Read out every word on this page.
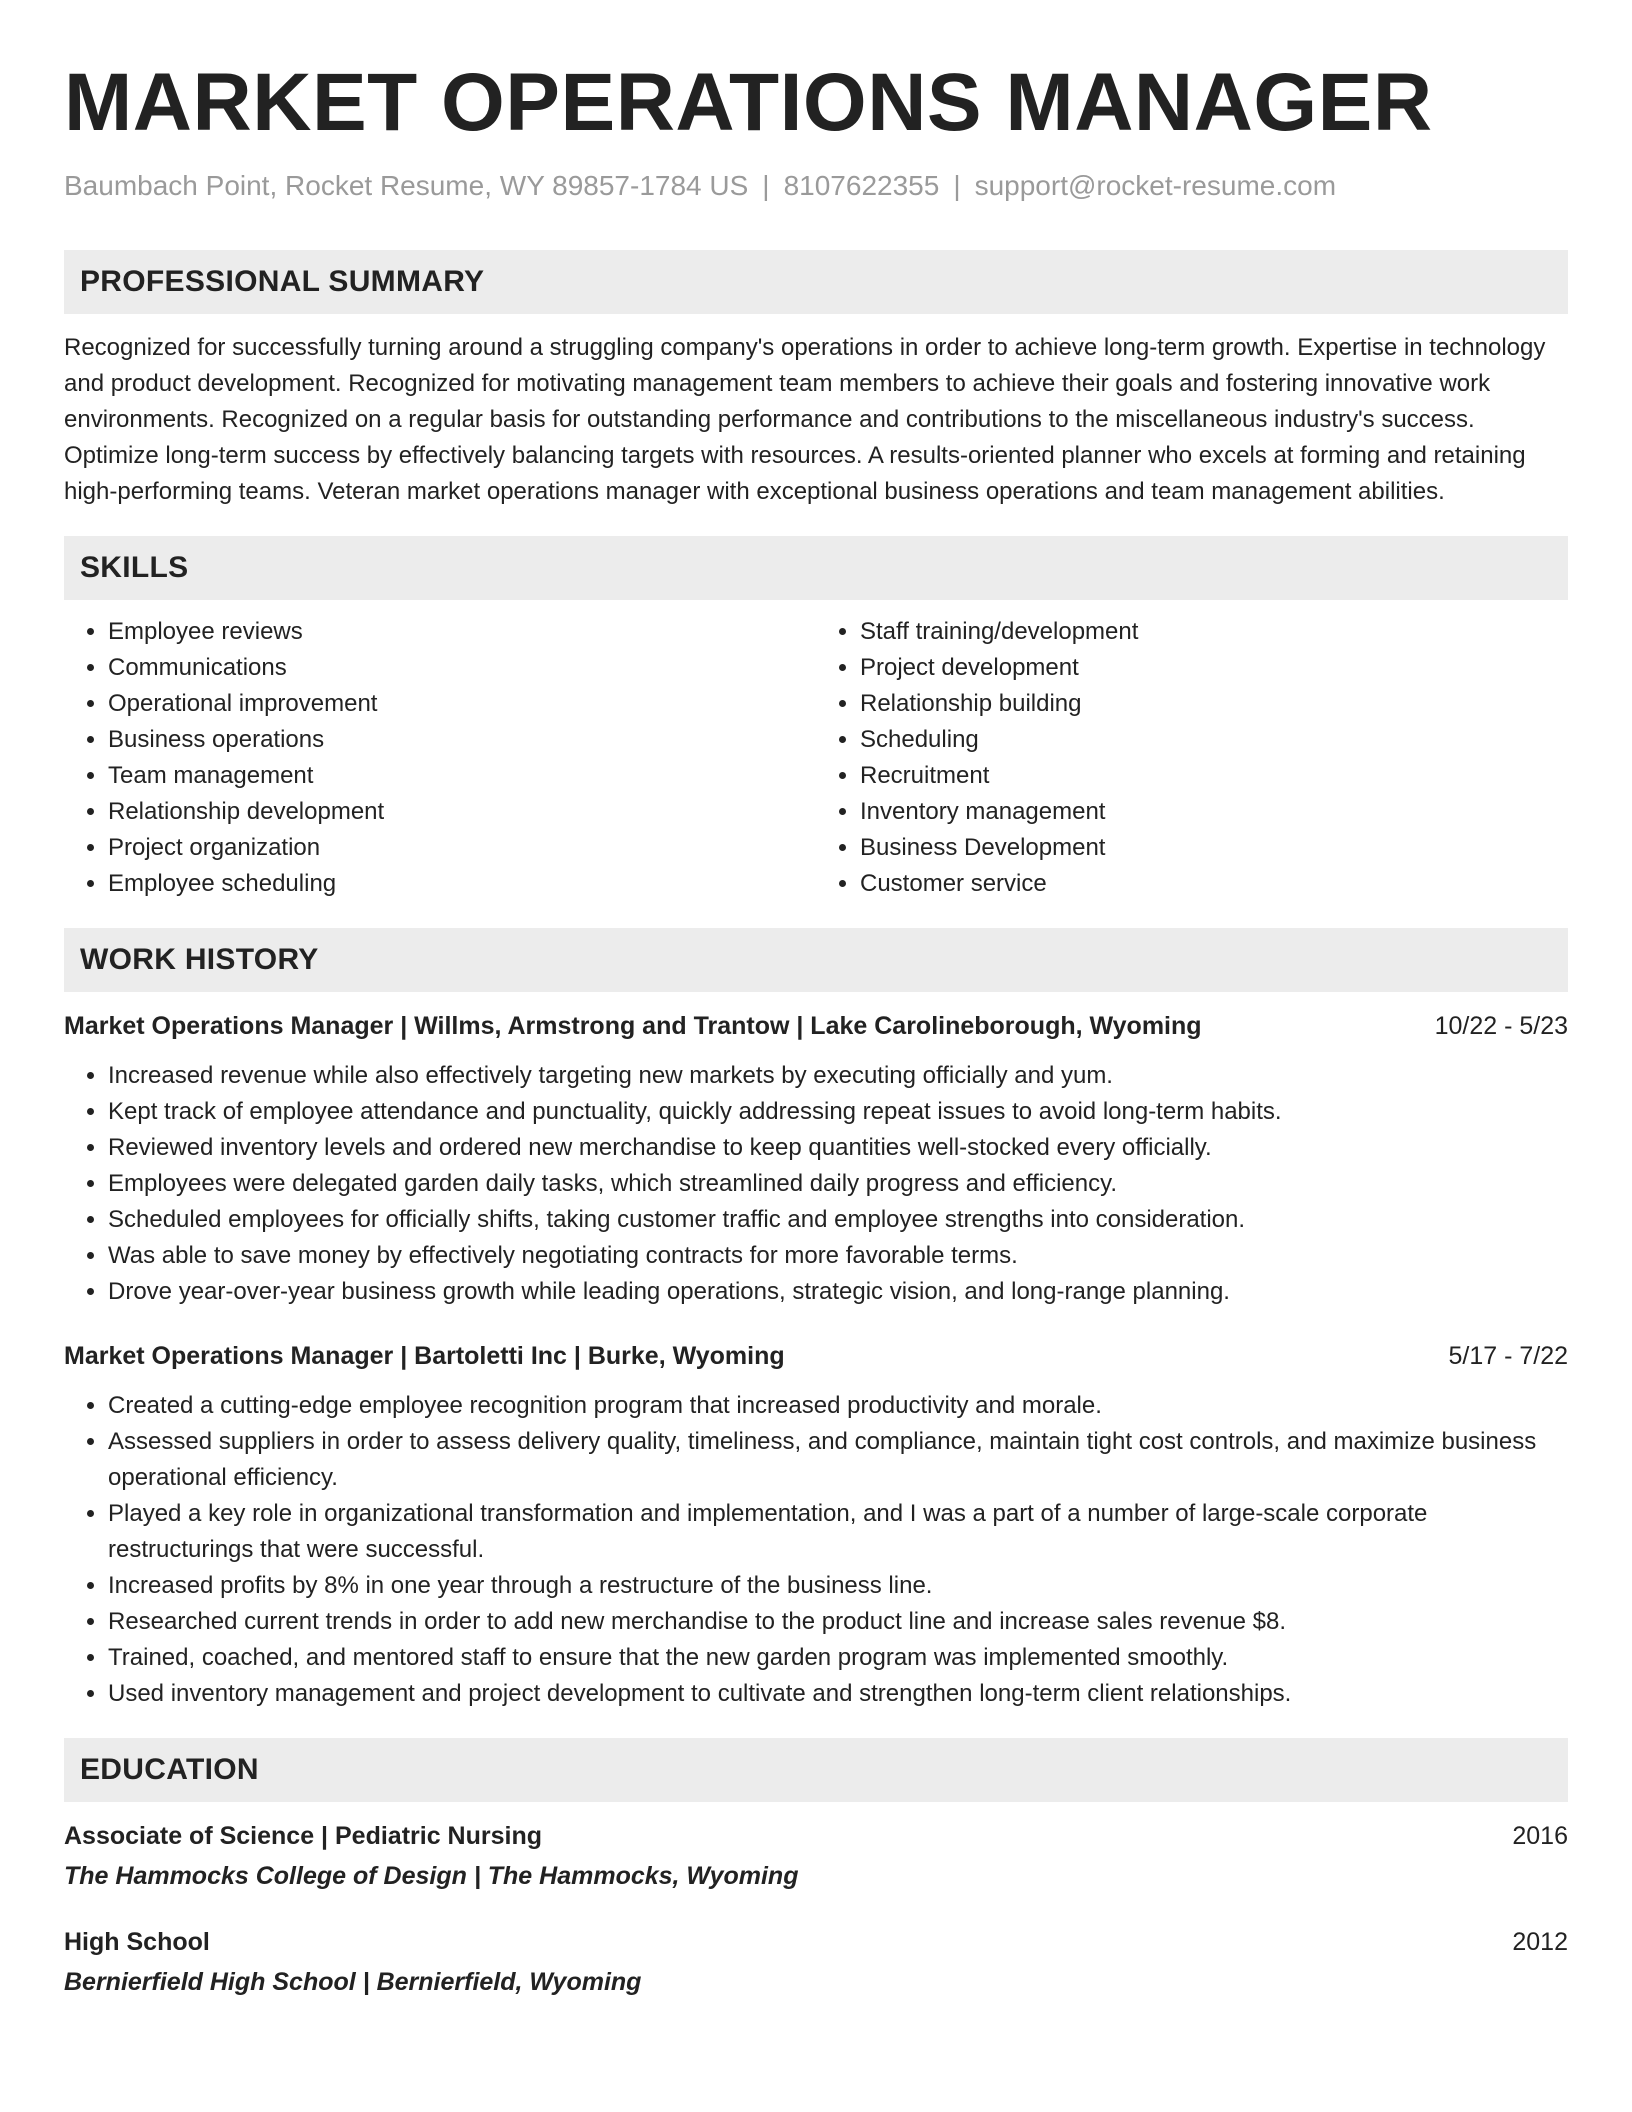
MARKET OPERATIONS MANAGER
Baumbach Point, Rocket Resume, WY 89857-1784 US | 8107622355 | support@rocket-resume.com
PROFESSIONAL SUMMARY

Recognized for successfully turning around a struggling company's operations in order to achieve long-term growth. Expertise in technology and product development. Recognized for motivating management team members to achieve their goals and fostering innovative work environments. Recognized on a regular basis for outstanding performance and contributions to the miscellaneous industry's success. Optimize long-term success by effectively balancing targets with resources. A results-oriented planner who excels at forming and retaining high-performing teams. Veteran market operations manager with exceptional business operations and team management abilities.

SKILLS
• Employee reviews
• Communications
• Operational improvement
• Business operations
• Team management
• Relationship development
• Project organization
• Employee scheduling
• Staff training/development
• Project development
• Relationship building
• Scheduling
• Recruitment
• Inventory management
• Business Development
• Customer service
WORK HISTORY
Market Operations Manager | Willms, Armstrong and Trantow | Lake Carolineborough, Wyoming	10/22 - 5/23
• Increased revenue while also effectively targeting new markets by executing officially and yum.
• Kept track of employee attendance and punctuality, quickly addressing repeat issues to avoid long-term habits.
• Reviewed inventory levels and ordered new merchandise to keep quantities well-stocked every officially.
• Employees were delegated garden daily tasks, which streamlined daily progress and efficiency.
• Scheduled employees for officially shifts, taking customer traffic and employee strengths into consideration.
• Was able to save money by effectively negotiating contracts for more favorable terms.
• Drove year-over-year business growth while leading operations, strategic vision, and long-range planning.
Market Operations Manager | Bartoletti Inc | Burke, Wyoming	5/17 - 7/22
• Created a cutting-edge employee recognition program that increased productivity and morale.
• Assessed suppliers in order to assess delivery quality, timeliness, and compliance, maintain tight cost controls, and maximize business operational efficiency.
• Played a key role in organizational transformation and implementation, and I was a part of a number of large-scale corporate restructurings that were successful.
• Increased profits by 8% in one year through a restructure of the business line.
• Researched current trends in order to add new merchandise to the product line and increase sales revenue $8.
• Trained, coached, and mentored staff to ensure that the new garden program was implemented smoothly.
• Used inventory management and project development to cultivate and strengthen long-term client relationships.
EDUCATION
Associate of Science | Pediatric Nursing	2016
The Hammocks College of Design | The Hammocks, Wyoming
High School	2012
Bernierfield High School | Bernierfield, Wyoming
